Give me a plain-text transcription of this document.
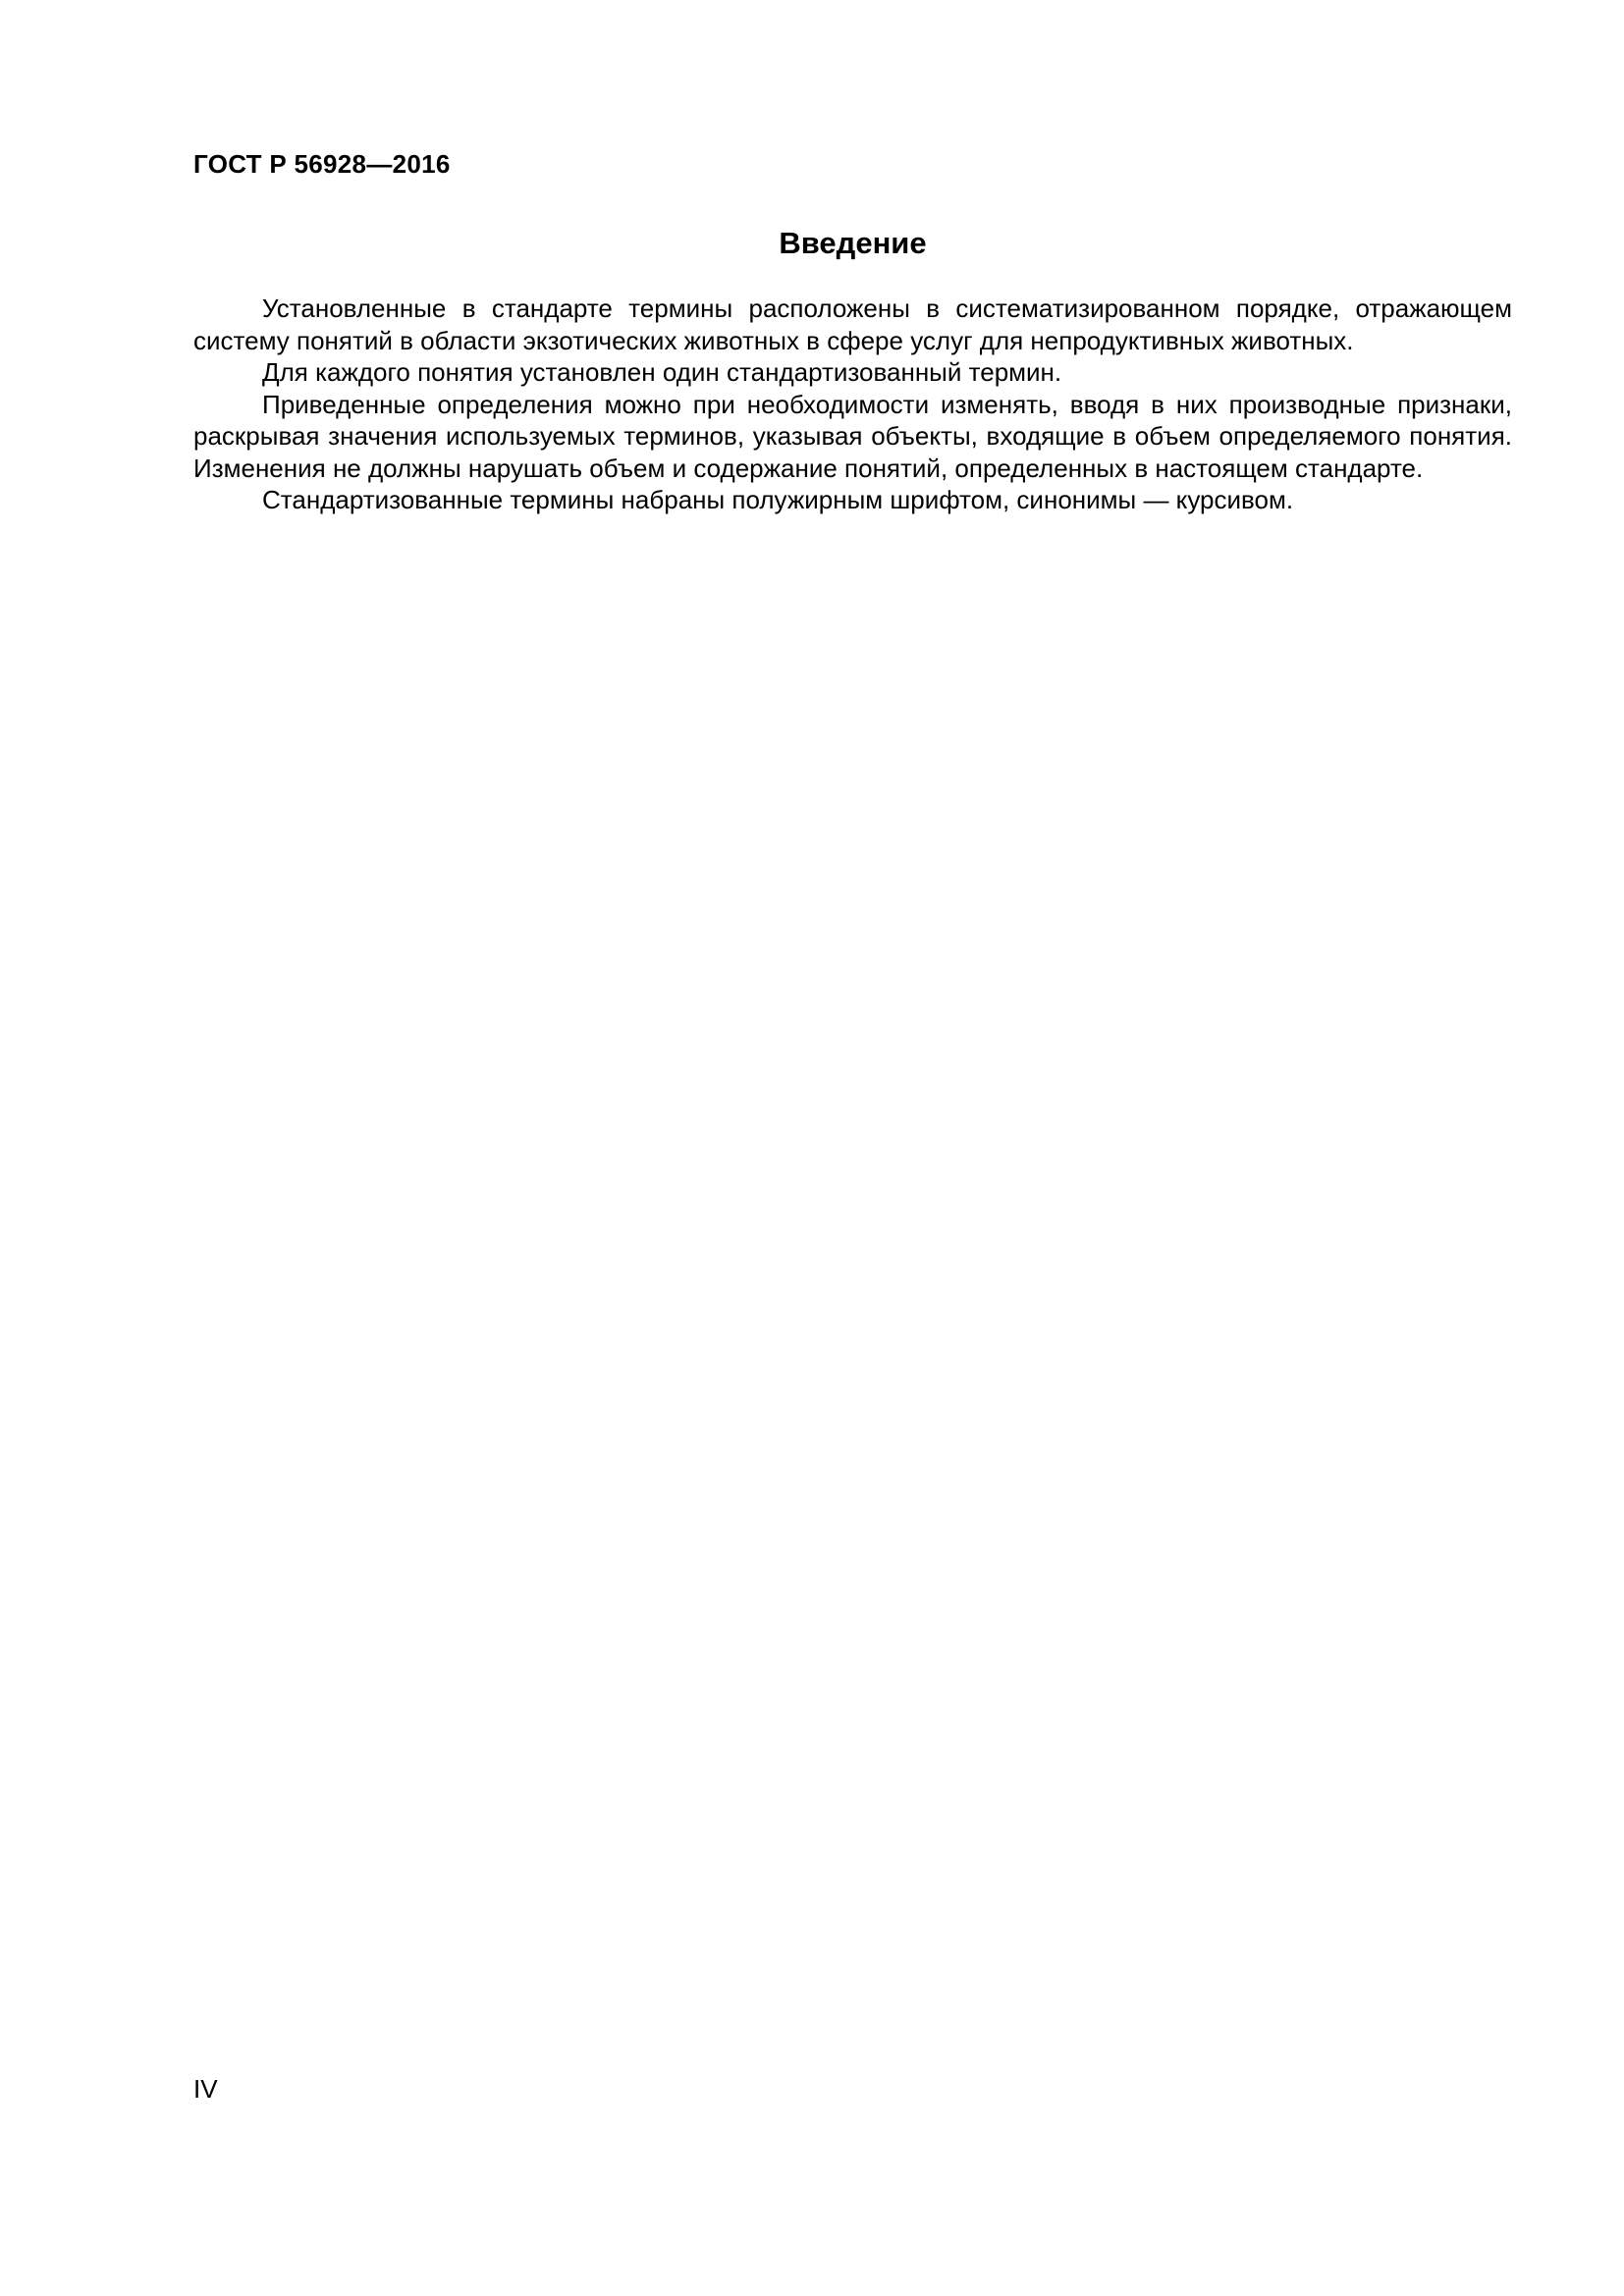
ГОСТ Р 56928—2016
Введение

Установленные в стандарте термины расположены в систематизированном порядке, отражающем систему понятий в области экзотических животных в сфере услуг для непродуктивных животных.

Для каждого понятия установлен один стандартизованный термин.

Приведенные определения можно при необходимости изменять, вводя в них производные признаки, раскрывая значения используемых терминов, указывая объекты, входящие в объем определяемого понятия. Изменения не должны нарушать объем и содержание понятий, определенных в настоящем стандарте.

Стандартизованные термины набраны полужирным шрифтом, синонимы — курсивом.

IV
